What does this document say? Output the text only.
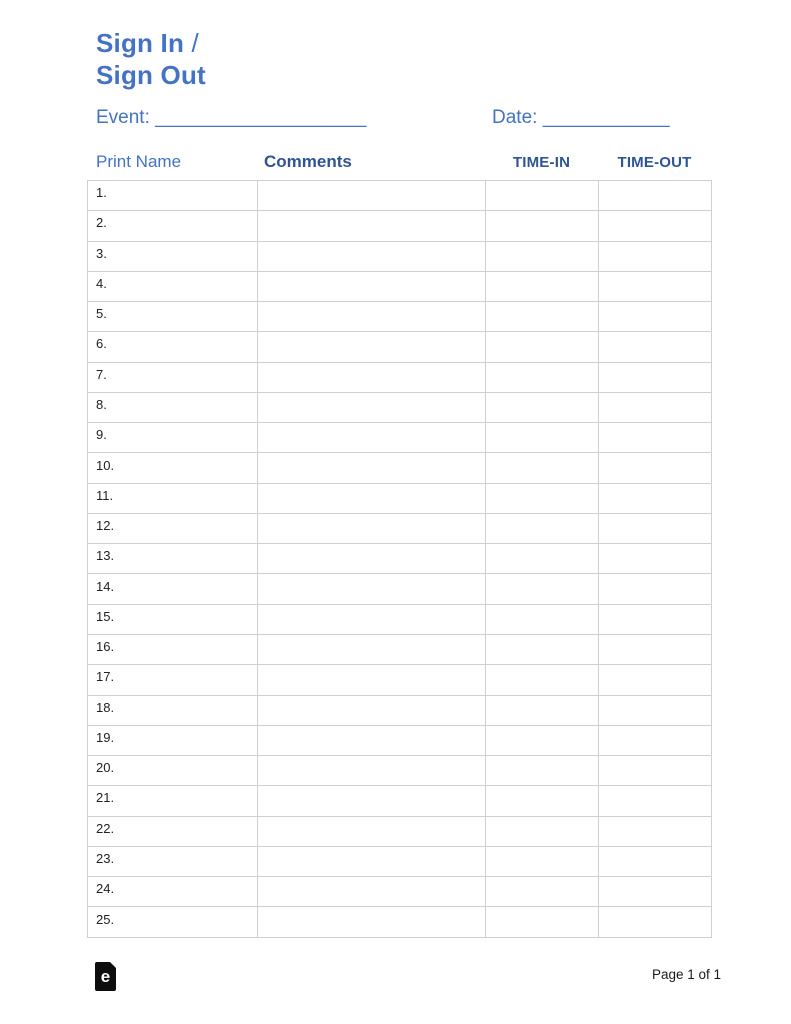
Sign In /
Sign Out
Event: ____________________	Date: ____________
Print Name	Comments	TIME-IN	TIME-OUT
1.			
2.			
3.			
4.			
5.			
6.			
7.			
8.			
9.			
10.			
11.			
12.			
13.			
14.			
15.			
16.			
17.			
18.			
19.			
20.			
21.			
22.			
23.			
24.			
25.			
e	Page 1 of 1
